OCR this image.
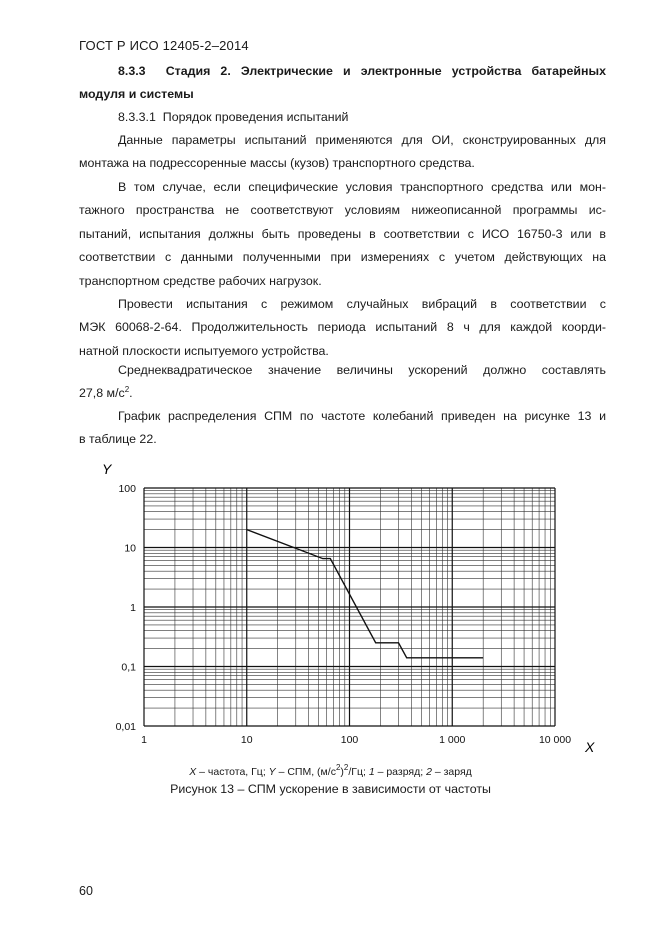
ГОСТ Р ИСО 12405-2–2014
8.3.3 Стадия 2. Электрические и электронные устройства батарейных
модуля и системы
8.3.3.1 Порядок проведения испытаний
Данные параметры испытаний применяются для ОИ, сконструированных для
монтажа на подрессоренные массы (кузов) транспортного средства.
В том случае, если специфические условия транспортного средства или мон-
тажного пространства не соответствуют условиям нижеописанной программы ис-
пытаний, испытания должны быть проведены в соответствии с ИСО 16750-3 или в
соответствии с данными полученными при измерениях с учетом действующих на
транспортном средстве рабочих нагрузок.
Провести испытания с режимом случайных вибраций в соответствии с
МЭК 60068-2-64. Продолжительность периода испытаний 8 ч для каждой коорди-
натной плоскости испытуемого устройства.
Среднеквадратическое значение величины ускорений должно составлять
27,8 $м/с^2$.
График распределения СПМ по частоте колебаний приведен на рисунке 13 и
в таблице 22.
1	10	100	1 000	10 000
0,01
0,1
1
10
100
Y
X
X – частота, Гц; Y – СПМ, $(м/с^2)^2/Гц$; 1 – разряд; 2 – заряд
Рисунок 13 – СПМ ускорение в зависимости от частоты
60
